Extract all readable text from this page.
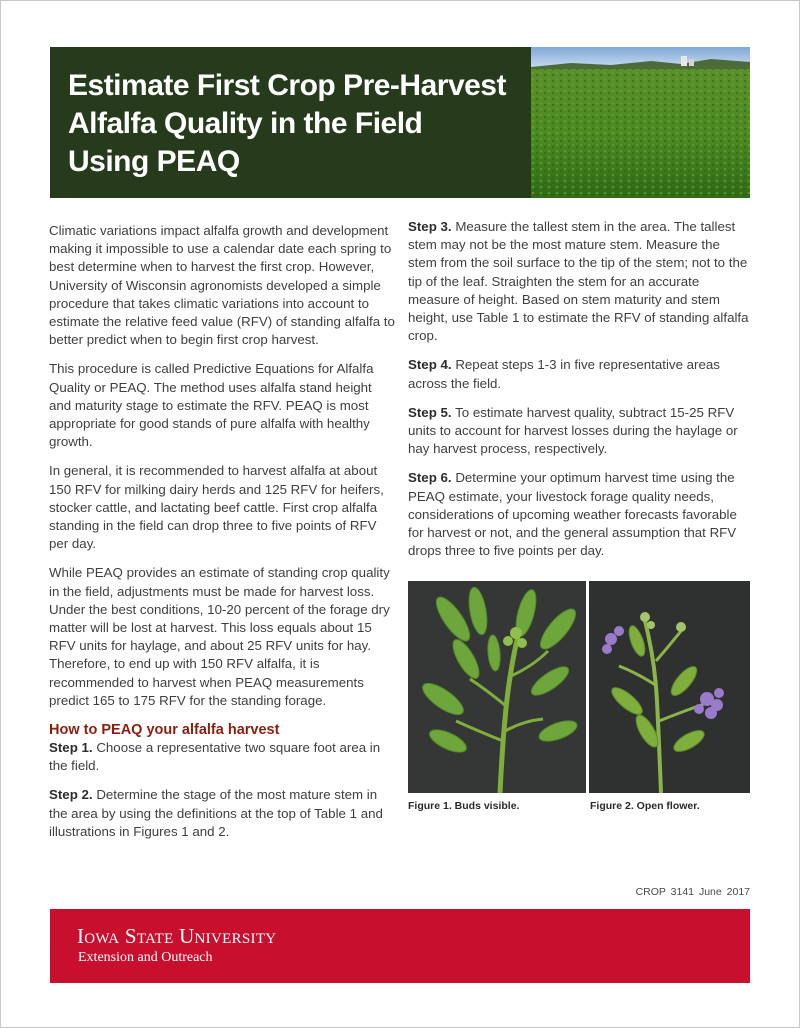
Estimate First Crop Pre-Harvest
Alfalfa Quality in the Field
Using PEAQ

Climatic variations impact alfalfa growth and development making it impossible to use a calendar date each spring to best determine when to harvest the first crop. However, University of Wisconsin agronomists developed a simple procedure that takes climatic variations into account to estimate the relative feed value (RFV) of standing alfalfa to better predict when to begin first crop harvest.

This procedure is called Predictive Equations for Alfalfa Quality or PEAQ. The method uses alfalfa stand height and maturity stage to estimate the RFV. PEAQ is most appropriate for good stands of pure alfalfa with healthy growth.

In general, it is recommended to harvest alfalfa at about 150 RFV for milking dairy herds and 125 RFV for heifers, stocker cattle, and lactating beef cattle. First crop alfalfa standing in the field can drop three to five points of RFV per day.

While PEAQ provides an estimate of standing crop quality in the field, adjustments must be made for harvest loss. Under the best conditions, 10-20 percent of the forage dry matter will be lost at harvest. This loss equals about 15 RFV units for haylage, and about 25 RFV units for hay. Therefore, to end up with 150 RFV alfalfa, it is recommended to harvest when PEAQ measurements predict 165 to 175 RFV for the standing forage.

How to PEAQ your alfalfa harvest

Step 1. Choose a representative two square foot area in the field.

Step 2. Determine the stage of the most mature stem in the area by using the definitions at the top of Table 1 and illustrations in Figures 1 and 2.

Step 3. Measure the tallest stem in the area. The tallest stem may not be the most mature stem. Measure the stem from the soil surface to the tip of the stem; not to the tip of the leaf. Straighten the stem for an accurate measure of height. Based on stem maturity and stem height, use Table 1 to estimate the RFV of standing alfalfa crop.

Step 4. Repeat steps 1-3 in five representative areas across the field.

Step 5. To estimate harvest quality, subtract 15-25 RFV units to account for harvest losses during the haylage or hay harvest process, respectively.

Step 6. Determine your optimum harvest time using the PEAQ estimate, your livestock forage quality needs, considerations of upcoming weather forecasts favorable for harvest or not, and the general assumption that RFV drops three to five points per day.

Figure 1. Buds visible.	Figure 2. Open flower.
CROP 3141 June 2017
Iowa State University
Extension and Outreach
